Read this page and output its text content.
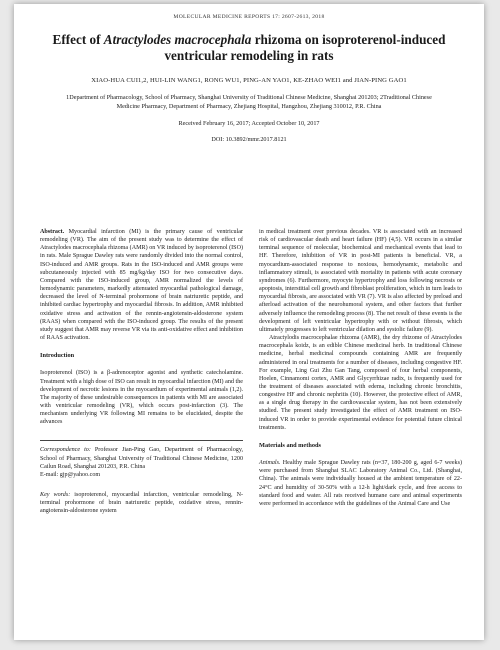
MOLECULAR MEDICINE REPORTS 17: 2607-2613, 2018
Effect of Atractylodes macrocephala rhizoma on isoproterenol-induced ventricular remodeling in rats
XIAO-HUA CUI1,2, HUI-LIN WANG1, RONG WU1, PING-AN YAO1, KE-ZHAO WEI1 and JIAN-PING GAO1
1Department of Pharmacology, School of Pharmacy, Shanghai University of Traditional Chinese Medicine, Shanghai 201203; 2Traditional Chinese Medicine Pharmacy, Department of Pharmacy, Zhejiang Hospital, Hangzhou, Zhejiang 310012, P.R. China
Received February 16, 2017; Accepted October 10, 2017
DOI: 10.3892/mmr.2017.8121

Abstract. Myocardial infarction (MI) is the primary cause of ventricular remodeling (VR). The aim of the present study was to determine the effect of Atractylodes macrocephala rhizoma (AMR) on VR induced by isoproterenol (ISO) in rats. Male Sprague Dawley rats were randomly divided into the normal control, ISO-induced and AMR groups. Rats in the ISO-induced and AMR groups were subcutaneously injected with 85 mg/kg/day ISO for two consecutive days. Compared with the ISO-induced group, AMR normalized the levels of hemodynamic parameters, markedly attenuated myocardial pathological damage, decreased the level of N-terminal prohormone of brain natriuretic peptide, and inhibited cardiac hypertrophy and myocardial fibrosis. In addition, AMR inhibited oxidative stress and activation of the rennin-angiotensin-aldosterone system (RAAS) when compared with the ISO-induced group. The results of the present study suggest that AMR may reverse VR via its anti-oxidative effect and inhibition of RAAS activation.

Introduction

Isoproterenol (ISO) is a β-adrenoceptor agonist and synthetic catecholamine. Treatment with a high dose of ISO can result in myocardial infarction (MI) and the development of necrotic lesions in the myocardium of experimental animals (1,2). The majority of these undesirable consequences in patients with MI are associated with ventricular remodeling (VR), which occurs post-infarction (3). The mechanism underlying VR following MI remains to be elucidated, despite the advances

Correspondence to: Professor Jian-Ping Gao, Department of Pharmacology, School of Pharmacy, Shanghai University of Traditional Chinese Medicine, 1200 Cailun Road, Shanghai 201203, P.R. China
E-mail: gjp@yahoo.com
Key words: isoproterenol, myocardial infarction, ventricular remodeling, N-terminal prohormone of brain natriuretic peptide, oxidative stress, rennin-angiotensin-aldosterone system

in medical treatment over previous decades. VR is associated with an increased risk of cardiovascular death and heart failure (HF) (4,5). VR occurs in a similar terminal sequence of molecular, biochemical and mechanical events that lead to HF. Therefore, inhibition of VR in post-MI patients is beneficial. VR, a myocardium-associated response to noxious, hemodynamic, metabolic and inflammatory stimuli, is associated with mortality in patients with acute coronary syndromes (6). Furthermore, myocyte hypertrophy and loss following necrosis or apoptosis, interstitial cell growth and fibroblast proliferation, which in turn leads to myocardial fibrosis, are associated with VR (7). VR is also affected by preload and afterload activation of the neurohumoral system, and other factors that further adversely influence the remodeling process (8). The net result of these events is the development of left ventricular hypertrophy with or without fibrosis, which ultimately progresses to left ventricular dilation and systolic failure (9).

Atractylodis macrocephalae rhizoma (AMR), the dry rhizome of Atractylodes macrocephala koidz, is an edible Chinese medicinal herb. In traditional Chinese medicine, herbal medicinal compounds containing AMR are frequently administered in oral treatments for a number of diseases, including congestive HF. For example, Ling Gui Zhu Gan Tang, composed of four herbal components, Hoelen, Cinnamomi cortex, AMR and Glycyrrhizae radix, is frequently used for the treatment of diseases associated with edema, including chronic bronchitis, congestive HF and chronic nephritis (10). However, the protective effect of AMR, as a single drug therapy in the cardiovascular system, has not been extensively studied. The present study investigated the effect of AMR treatment on ISO-induced VR in order to provide experimental evidence for potential future clinical treatments.

Materials and methods

Animals. Healthy male Sprague Dawley rats (n=37, 180-200 g, aged 6-7 weeks) were purchased from Shanghai SLAC Laboratory Animal Co., Ltd. (Shanghai, China). The animals were individually housed at the ambient temperature of 22-24°C and humidity of 30-50% with a 12-h light/dark cycle, and free access to standard food and water. All rats received humane care and animal experiments were performed in accordance with the guidelines of the Animal Care and Use
